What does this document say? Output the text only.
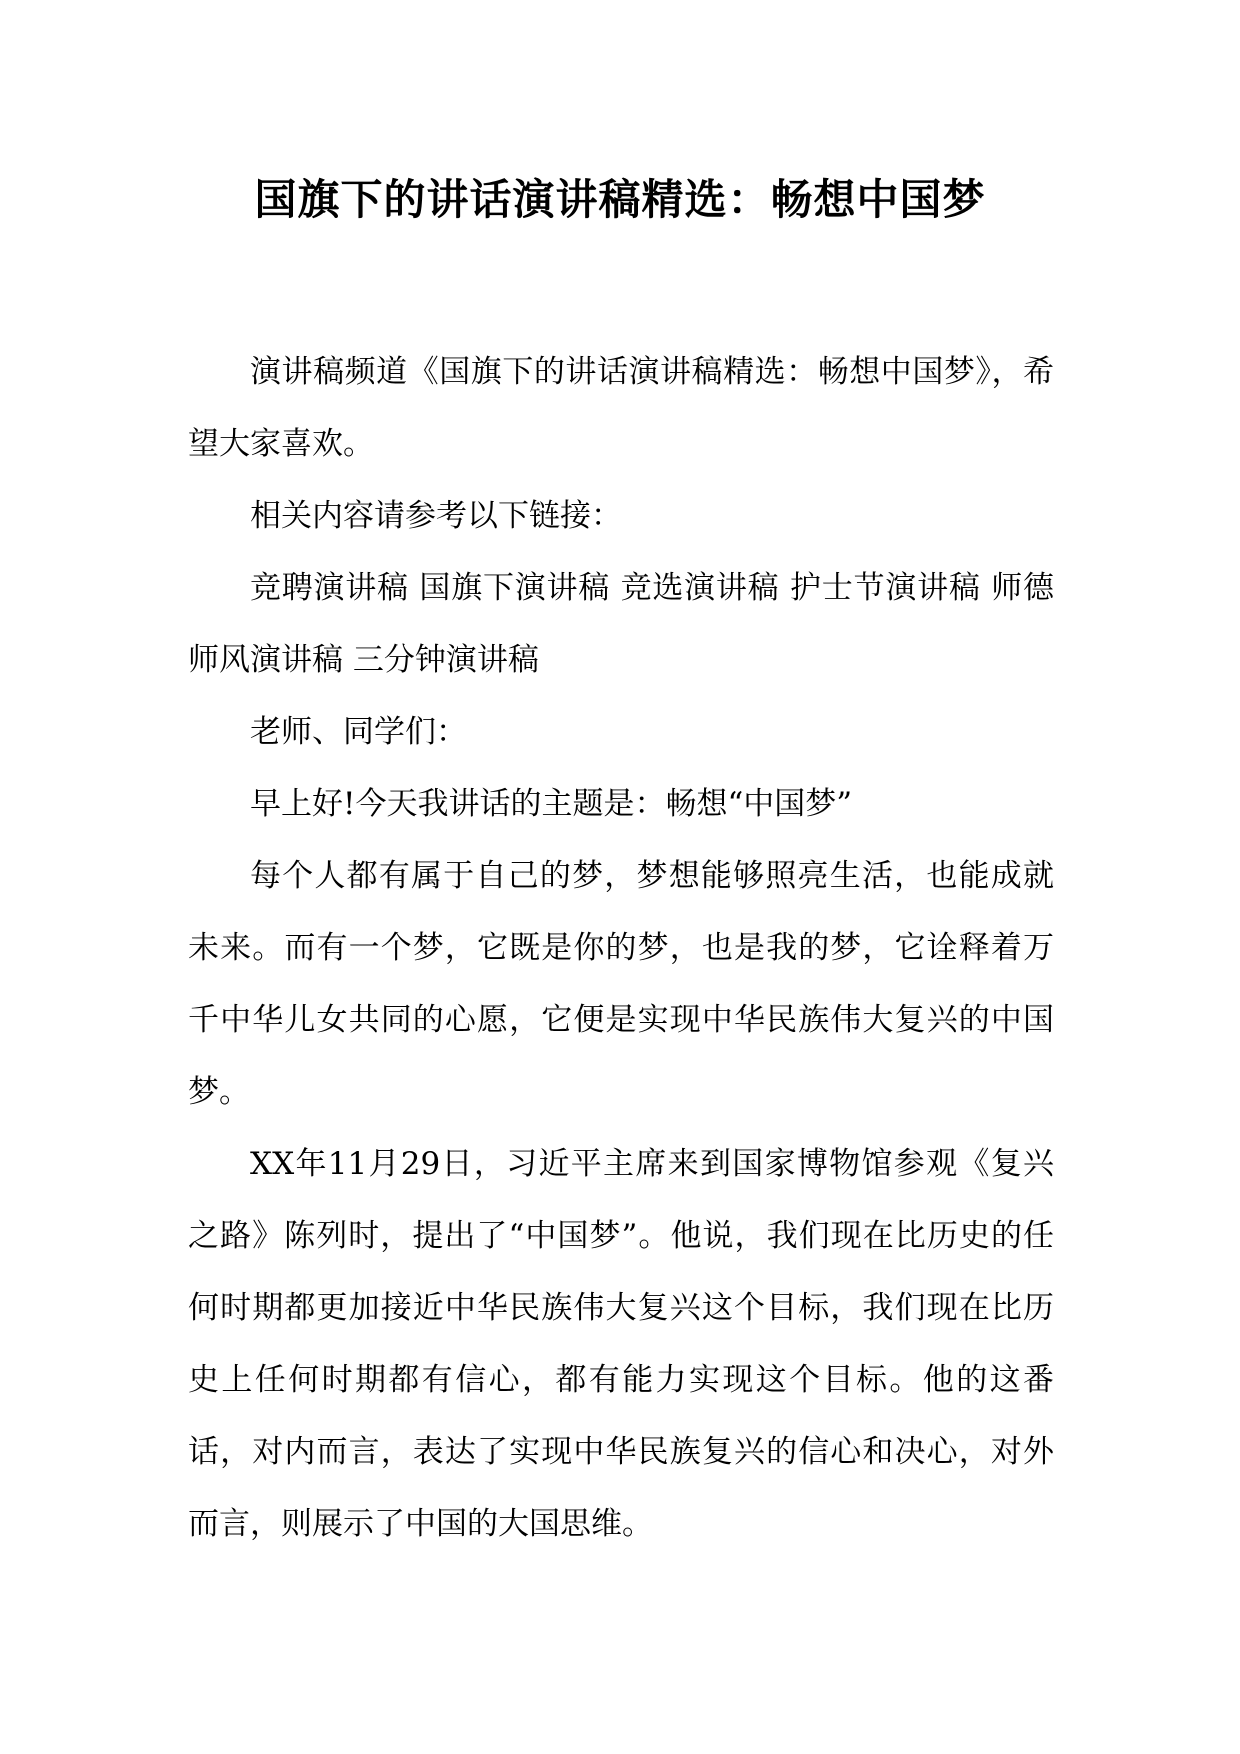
国旗下的讲话演讲稿精选：畅想中国梦

演讲稿频道《国旗下的讲话演讲稿精选：畅想中国梦》，希望大家喜欢。

相关内容请参考以下链接：

竞聘演讲稿 国旗下演讲稿 竞选演讲稿 护士节演讲稿 师德师风演讲稿 三分钟演讲稿

老师、同学们：

早上好!今天我讲话的主题是：畅想“中国梦”

每个人都有属于自己的梦，梦想能够照亮生活，也能成就未来。而有一个梦，它既是你的梦，也是我的梦，它诠释着万千中华儿女共同的心愿，它便是实现中华民族伟大复兴的中国梦。

XX年11月29日，习近平主席来到国家博物馆参观《复兴之路》陈列时，提出了“中国梦”。他说，我们现在比历史的任何时期都更加接近中华民族伟大复兴这个目标，我们现在比历史上任何时期都有信心，都有能力实现这个目标。他的这番话，对内而言，表达了实现中华民族复兴的信心和决心，对外而言，则展示了中国的大国思维。
